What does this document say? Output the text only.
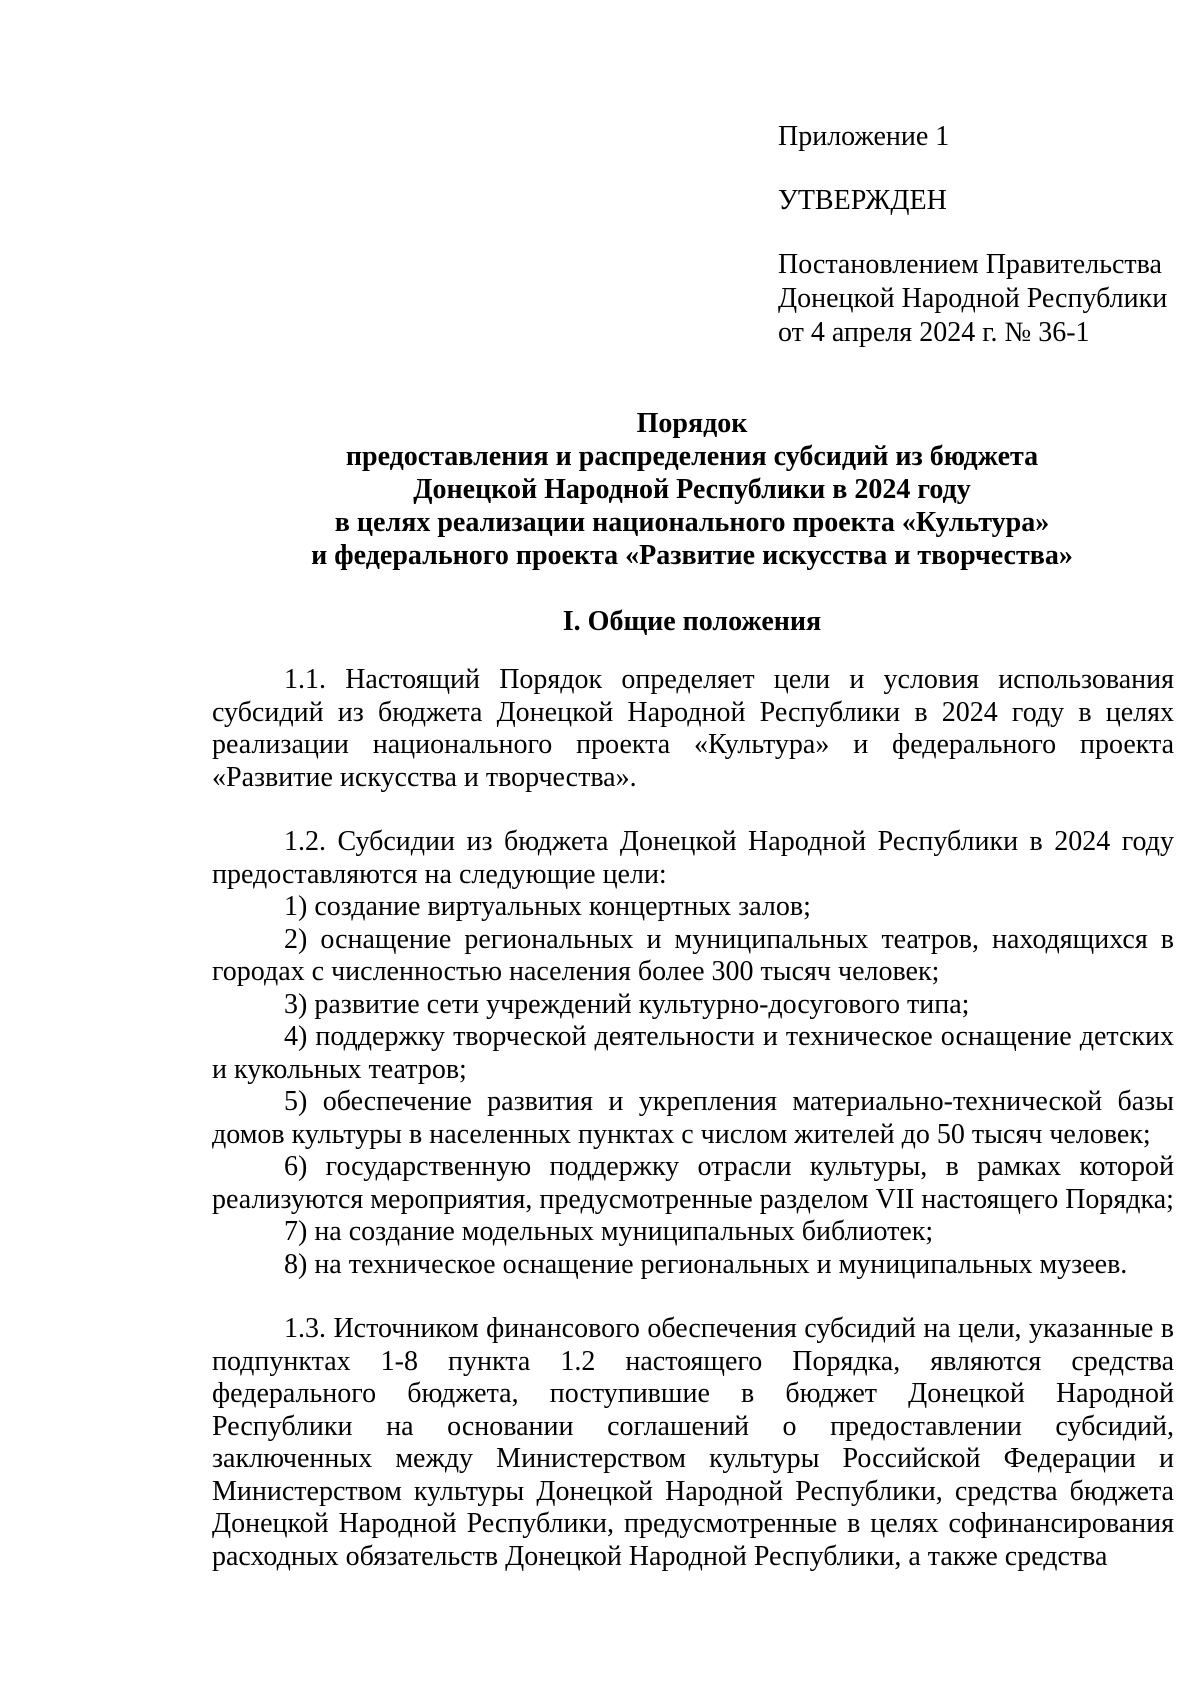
Приложение 1
УТВЕРЖДЕН
Постановлением Правительства
Донецкой Народной Республики
от 4 апреля 2024 г. № 36-1
Порядок
предоставления и распределения субсидий из бюджета
Донецкой Народной Республики в 2024 году
в целях реализации национального проекта «Культура»
и федерального проекта «Развитие искусства и творчества»
I. Общие положения

1.1. Настоящий Порядок определяет цели и условия использования субсидий из бюджета Донецкой Народной Республики в 2024 году в целях реализации национального проекта «Культура» и федерального проекта «Развитие искусства и творчества».

1.2. Субсидии из бюджета Донецкой Народной Республики в 2024 году предоставляются на следующие цели:

1) создание виртуальных концертных залов;

2) оснащение региональных и муниципальных театров, находящихся в городах с численностью населения более 300 тысяч человек;

3) развитие сети учреждений культурно-досугового типа;

4) поддержку творческой деятельности и техническое оснащение детских и кукольных театров;

5) обеспечение развития и укрепления материально-технической базы домов культуры в населенных пунктах с числом жителей до 50 тысяч человек;

6) государственную поддержку отрасли культуры, в рамках которой реализуются мероприятия, предусмотренные разделом VII настоящего Порядка;

7) на создание модельных муниципальных библиотек;

8) на техническое оснащение региональных и муниципальных музеев.

1.3. Источником финансового обеспечения субсидий на цели, указанные в подпунктах 1-8 пункта 1.2 настоящего Порядка, являются средства федерального бюджета, поступившие в бюджет Донецкой Народной Республики на основании соглашений о предоставлении субсидий, заключенных между Министерством культуры Российской Федерации и Министерством культуры Донецкой Народной Республики, средства бюджета Донецкой Народной Республики, предусмотренные в целях софинансирования расходных обязательств Донецкой Народной Республики, а также средства
